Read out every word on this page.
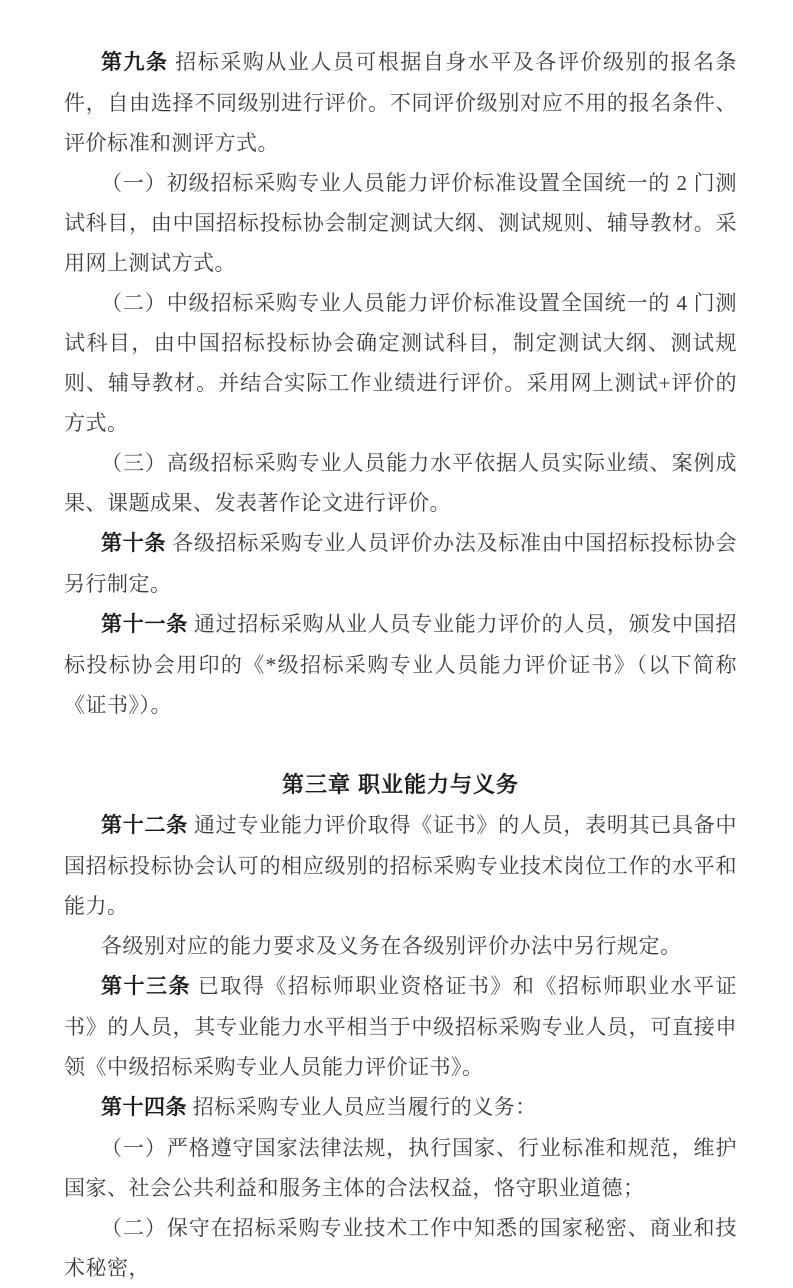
第九条 招标采购从业人员可根据自身水平及各评价级别的报名条件，自由选择不同级别进行评价。不同评价级别对应不用的报名条件、评价标准和测评方式。

（一）初级招标采购专业人员能力评价标准设置全国统一的 2 门测试科目，由中国招标投标协会制定测试大纲、测试规则、辅导教材。采用网上测试方式。

（二）中级招标采购专业人员能力评价标准设置全国统一的 4 门测试科目，由中国招标投标协会确定测试科目，制定测试大纲、测试规则、辅导教材。并结合实际工作业绩进行评价。采用网上测试+评价的方式。

（三）高级招标采购专业人员能力水平依据人员实际业绩、案例成果、课题成果、发表著作论文进行评价。

第十条 各级招标采购专业人员评价办法及标准由中国招标投标协会另行制定。

第十一条 通过招标采购从业人员专业能力评价的人员，颁发中国招标投标协会用印的《*级招标采购专业人员能力评价证书》（以下简称《证书》）。

第三章 职业能力与义务

第十二条 通过专业能力评价取得《证书》的人员，表明其已具备中国招标投标协会认可的相应级别的招标采购专业技术岗位工作的水平和能力。

各级别对应的能力要求及义务在各级别评价办法中另行规定。

第十三条 已取得《招标师职业资格证书》和《招标师职业水平证书》的人员，其专业能力水平相当于中级招标采购专业人员，可直接申领《中级招标采购专业人员能力评价证书》。

第十四条 招标采购专业人员应当履行的义务：

（一）严格遵守国家法律法规，执行国家、行业标准和规范，维护国家、社会公共利益和服务主体的合法权益，恪守职业道德；

（二）保守在招标采购专业技术工作中知悉的国家秘密、商业和技术秘密，
